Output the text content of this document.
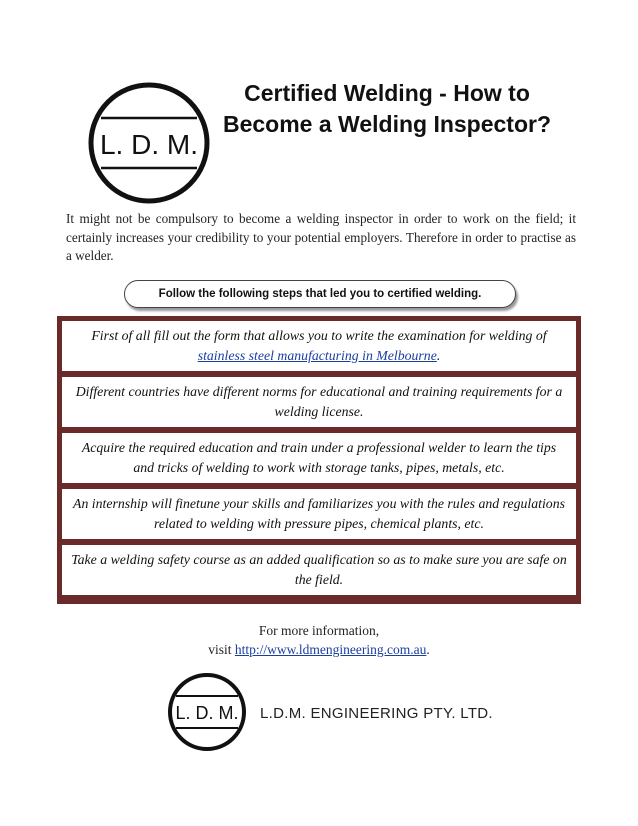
L. D. M.
Certified Welding - How to Become a Welding Inspector?
It might not be compulsory to become a welding inspector in order to work on the field; it certainly increases your credibility to your potential employers. Therefore in order to practise as a welder.
Follow the following steps that led you to certified welding.
First of all fill out the form that allows you to write the examination for welding of stainless steel manufacturing in Melbourne.
Different countries have different norms for educational and training requirements for a welding license.
Acquire the required education and train under a professional welder to learn the tips and tricks of welding to work with storage tanks, pipes, metals, etc.
An internship will finetune your skills and familiarizes you with the rules and regulations related to welding with pressure pipes, chemical plants, etc.
Take a welding safety course as an added qualification so as to make sure you are safe on the field.
For more information,
visit http://www.ldmengineering.com.au.
L. D. M. L.D.M. ENGINEERING PTY. LTD.
